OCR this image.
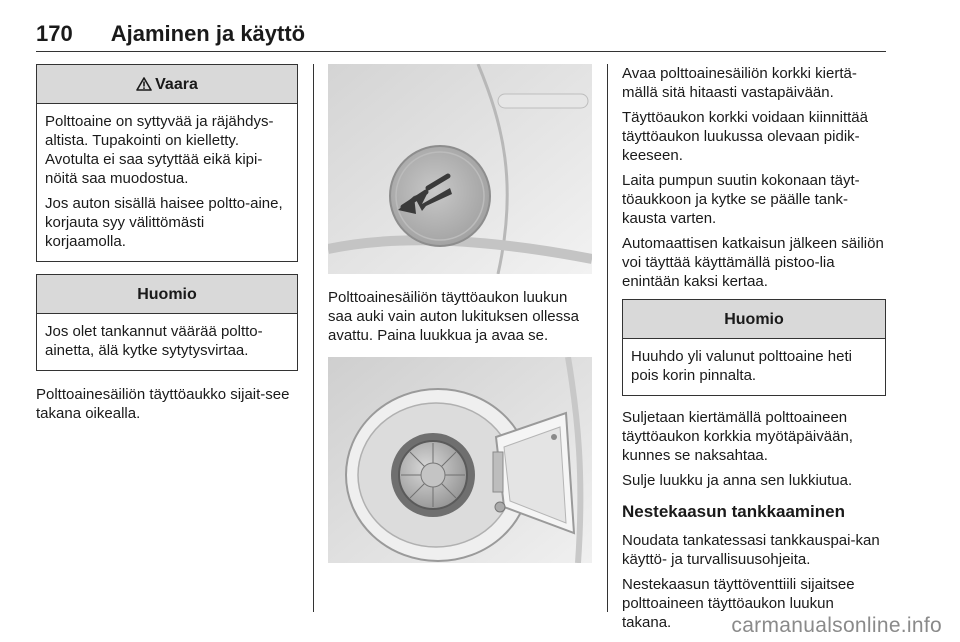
170 Ajaminen ja käyttö
Vaara

Polttoaine on syttyvää ja räjähdys-altista. Tupakointi on kielletty. Avotulta ei saa sytyttää eikä kipi-nöitä saa muodostua.

Jos auton sisällä haisee poltto-aine, korjauta syy välittömästi korjaamolla.

Huomio

Jos olet tankannut väärää poltto-ainetta, älä kytke sytytysvirtaa.

Polttoainesäiliön täyttöaukko sijait-see takana oikealla.

Polttoainesäiliön täyttöaukon luukun saa auki vain auton lukituksen ollessa avattu. Paina luukkua ja avaa se.

Avaa polttoainesäiliön korkki kiertä-mällä sitä hitaasti vastapäivään.

Täyttöaukon korkki voidaan kiinnittää täyttöaukon luukussa olevaan pidik-keeseen.

Laita pumpun suutin kokonaan täyt-töaukkoon ja kytke se päälle tank-kausta varten.

Automaattisen katkaisun jälkeen säiliön voi täyttää käyttämällä pistoo-lia enintään kaksi kertaa.

Huomio

Huuhdo yli valunut polttoaine heti pois korin pinnalta.

Suljetaan kiertämällä polttoaineen täyttöaukon korkkia myötäpäivään, kunnes se naksahtaa.

Sulje luukku ja anna sen lukkiutua.

Nestekaasun tankkaaminen

Noudata tankatessasi tankkauspai-kan käyttö- ja turvallisuusohjeita.

Nestekaasun täyttöventtiili sijaitsee polttoaineen täyttöaukon luukun takana.	carmanualsonline.info
